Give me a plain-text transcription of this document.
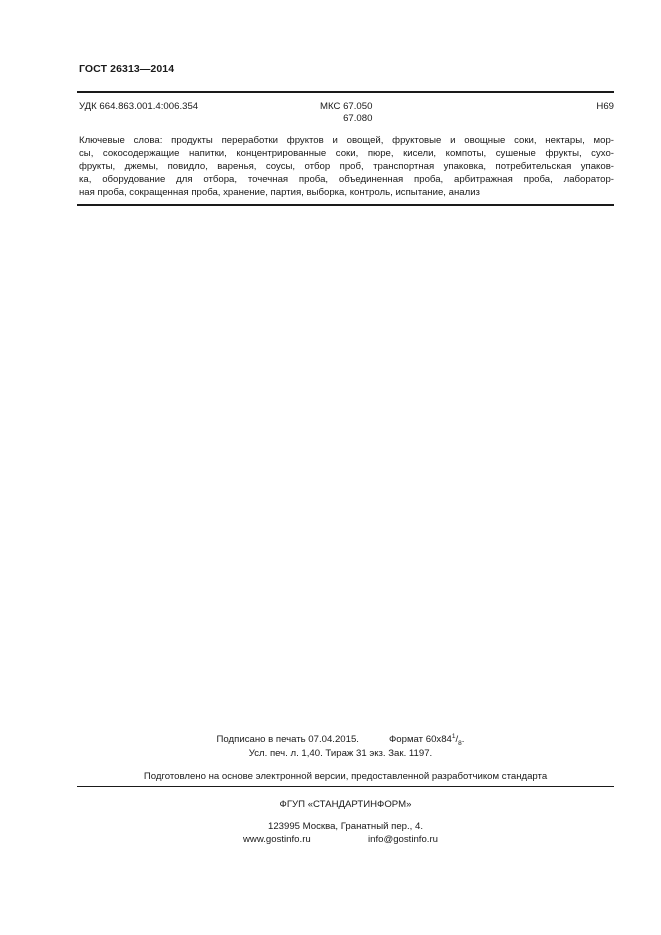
ГОСТ 26313—2014
УДК 664.863.001.4:006.354	МКС 67.050
67.080
Н69
Ключевые слова: продукты переработки фруктов и овощей, фруктовые и овощные соки, нектары, мор-
сы, сокосодержащие напитки, концентрированные соки, пюре, кисели, компоты, сушеные фрукты, сухо-
фрукты, джемы, повидло, варенья, соусы, отбор проб, транспортная упаковка, потребительская упаков-
ка, оборудование для отбора, точечная проба, объединенная проба, арбитражная проба, лаборатор-
ная проба, сокращенная проба, хранение, партия, выборка, контроль, испытание, анализ
Подписано в печать 07.04.2015.	Формат $60х84^1/_8$.
Усл. печ. л. 1,40. Тираж 31 экз. Зак. 1197.
Подготовлено на основе электронной версии, предоставленной разработчиком стандарта
ФГУП «СТАНДАРТИНФОРМ»
123995 Москва, Гранатный пер., 4.
www.gostinfo.ru	info@gostinfo.ru
